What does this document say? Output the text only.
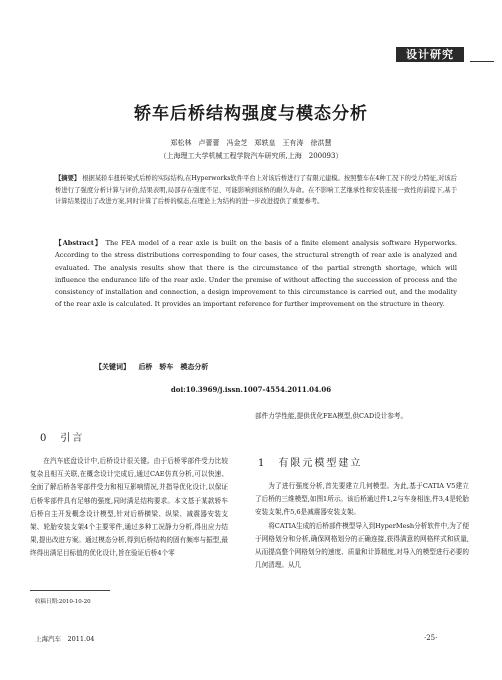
设计研究
轿车后桥结构强度与模态分析
郑松林　卢蕾蕾　冯金芝　郑轶皇　王有涛　徐洪慧
（上海理工大学机械工程学院汽车研究所,上海　200093）
【摘要】 根据某轿车扭转梁式后桥的实际结构,在Hyperworks软件平台上对该后桥进行了有限元建模。按照整车在4种工况下的受力特征,对该后桥进行了强度分析计算与评价,结果表明,局部存在强度不足、可能影响到该桥的耐久寿命。在不影响工艺继承性和安装连接一致性的前提下,基于计算结果提出了改进方案,同时计算了后桥的模态,在理论上为结构的进一步改进提供了重要参考。
【Abstract】 The FEA model of a rear axle is built on the basis of a finite element analysis software Hyperworks. According to the stress distributions corresponding to four cases, the structural strength of rear axle is analyzed and evaluated. The analysis results show that there is the circumstance of the partial strength shortage, which will influence the endurance life of the rear axle. Under the premise of without affecting the succession of process and the consistency of installation and connection, a design improvement to this circumstance is carried out, and the modality of the rear axle is calculated. It provides an important reference for further improvement on the structure in theory.
【关键词】 后桥　轿车　模态分析
doi:10.3969/j.issn.1007-4554.2011.04.06
0　引言

在汽车底盘设计中,后桥设计很关键。由于后桥零部件受力比较复杂且相互关联,在概念设计完成后,通过CAE仿真分析,可以快速、全面了解后桥各零部件受力和相互影响情况,并指导优化设计,以保证后桥零部件具有足够的强度,同时满足结构要求。本文基于某款轿车后桥自主开发概念设计模型,针对后桥横梁、纵梁、减震器安装支架、轮胎安装支架4个主要零件,通过多种工况静力分析,得出应力结果,提出改进方案。通过模态分析,得到后桥结构的固有频率与振型,最终得出满足目标值的优化设计,旨在验证后桥4个零

部件力学性能,提供优化FEA模型,供CAD设计参考。

1　有限元模型建立

为了进行强度分析,首先要建立几何模型。为此,基于CATIA V5建立了后桥的三维模型,如图1所示。该后桥通过件1,2与车身相连,件3,4是轮胎安装支架,件5,6是减震器安装支架。

将CATIA生成的后桥部件模型导入到HyperMesh分析软件中,为了便于网格划分和分析,确保网格划分的正确连接,获得满意的网格样式和质量,从而提高整个网格划分的速度、质量和计算精度,对导入的模型进行必要的几何清理。从几

收稿日期:2010-10-20
上海汽车　2011.04	·25·
